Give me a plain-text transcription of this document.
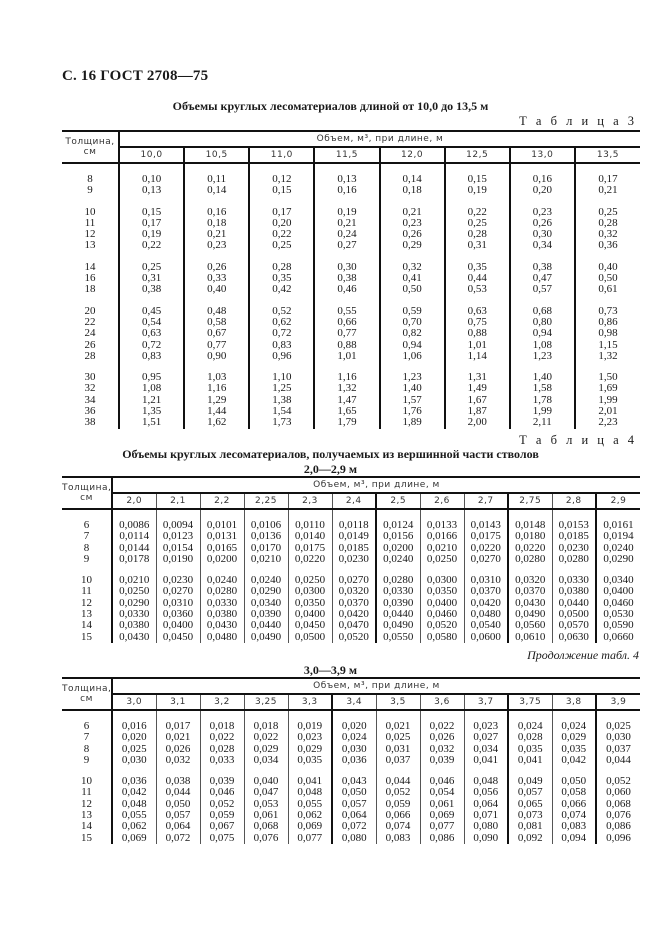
С. 16 ГОСТ 2708—75
Объемы круглых лесоматериалов длиной от 10,0 до 13,5 м
Т а б л и ц а 3
Толщина,
см	Объем, м³, при длине, м							
	10,0	10,5	11,0	11,5	12,0	12,5	13,0	13,5

8	0,10	0,11	0,12	0,13	0,14	0,15	0,16	0,17
9	0,13	0,14	0,15	0,16	0,18	0,19	0,20	0,21

10	0,15	0,16	0,17	0,19	0,21	0,22	0,23	0,25
11	0,17	0,18	0,20	0,21	0,23	0,25	0,26	0,28
12	0,19	0,21	0,22	0,24	0,26	0,28	0,30	0,32
13	0,22	0,23	0,25	0,27	0,29	0,31	0,34	0,36

14	0,25	0,26	0,28	0,30	0,32	0,35	0,38	0,40
16	0,31	0,33	0,35	0,38	0,41	0,44	0,47	0,50
18	0,38	0,40	0,42	0,46	0,50	0,53	0,57	0,61

20	0,45	0,48	0,52	0,55	0,59	0,63	0,68	0,73
22	0,54	0,58	0,62	0,66	0,70	0,75	0,80	0,86
24	0,63	0,67	0,72	0,77	0,82	0,88	0,94	0,98
26	0,72	0,77	0,83	0,88	0,94	1,01	1,08	1,15
28	0,83	0,90	0,96	1,01	1,06	1,14	1,23	1,32

30	0,95	1,03	1,10	1,16	1,23	1,31	1,40	1,50
32	1,08	1,16	1,25	1,32	1,40	1,49	1,58	1,69
34	1,21	1,29	1,38	1,47	1,57	1,67	1,78	1,99
36	1,35	1,44	1,54	1,65	1,76	1,87	1,99	2,01
38	1,51	1,62	1,73	1,79	1,89	2,00	2,11	2,23
Т а б л и ц а 4
Объемы круглых лесоматериалов, получаемых из вершинной части стволов
2,0—2,9 м
Толщина,
см	Объем, м³, при длине, м											
	2,0	2,1	2,2	2,25	2,3	2,4	2,5	2,6	2,7	2,75	2,8	2,9

6	0,0086	0,0094	0,0101	0,0106	0,0110	0,0118	0,0124	0,0133	0,0143	0,0148	0,0153	0,0161
7	0,0114	0,0123	0,0131	0,0136	0,0140	0,0149	0,0156	0,0166	0,0175	0,0180	0,0185	0,0194
8	0,0144	0,0154	0,0165	0,0170	0,0175	0,0185	0,0200	0,0210	0,0220	0,0220	0,0230	0,0240
9	0,0178	0,0190	0,0200	0,0210	0,0220	0,0230	0,0240	0,0250	0,0270	0,0280	0,0280	0,0290

10	0,0210	0,0230	0,0240	0,0240	0,0250	0,0270	0,0280	0,0300	0,0310	0,0320	0,0330	0,0340
11	0,0250	0,0270	0,0280	0,0290	0,0300	0,0320	0,0330	0,0350	0,0370	0,0370	0,0380	0,0400
12	0,0290	0,0310	0,0330	0,0340	0,0350	0,0370	0,0390	0,0400	0,0420	0,0430	0,0440	0,0460
13	0,0330	0,0360	0,0380	0,0390	0,0400	0,0420	0,0440	0,0460	0,0480	0,0490	0,0500	0,0530
14	0,0380	0,0400	0,0430	0,0440	0,0450	0,0470	0,0490	0,0520	0,0540	0,0560	0,0570	0,0590
15	0,0430	0,0450	0,0480	0,0490	0,0500	0,0520	0,0550	0,0580	0,0600	0,0610	0,0630	0,0660
Продолжение табл. 4
3,0—3,9 м
Толщина,
см	Объем, м³, при длине, м											
	3,0	3,1	3,2	3,25	3,3	3,4	3,5	3,6	3,7	3,75	3,8	3,9

6	0,016	0,017	0,018	0,018	0,019	0,020	0,021	0,022	0,023	0,024	0,024	0,025
7	0,020	0,021	0,022	0,022	0,023	0,024	0,025	0,026	0,027	0,028	0,029	0,030
8	0,025	0,026	0,028	0,029	0,029	0,030	0,031	0,032	0,034	0,035	0,035	0,037
9	0,030	0,032	0,033	0,034	0,035	0,036	0,037	0,039	0,041	0,041	0,042	0,044

10	0,036	0,038	0,039	0,040	0,041	0,043	0,044	0,046	0,048	0,049	0,050	0,052
11	0,042	0,044	0,046	0,047	0,048	0,050	0,052	0,054	0,056	0,057	0,058	0,060
12	0,048	0,050	0,052	0,053	0,055	0,057	0,059	0,061	0,064	0,065	0,066	0,068
13	0,055	0,057	0,059	0,061	0,062	0,064	0,066	0,069	0,071	0,073	0,074	0,076
14	0,062	0,064	0,067	0,068	0,069	0,072	0,074	0,077	0,080	0,081	0,083	0,086
15	0,069	0,072	0,075	0,076	0,077	0,080	0,083	0,086	0,090	0,092	0,094	0,096
